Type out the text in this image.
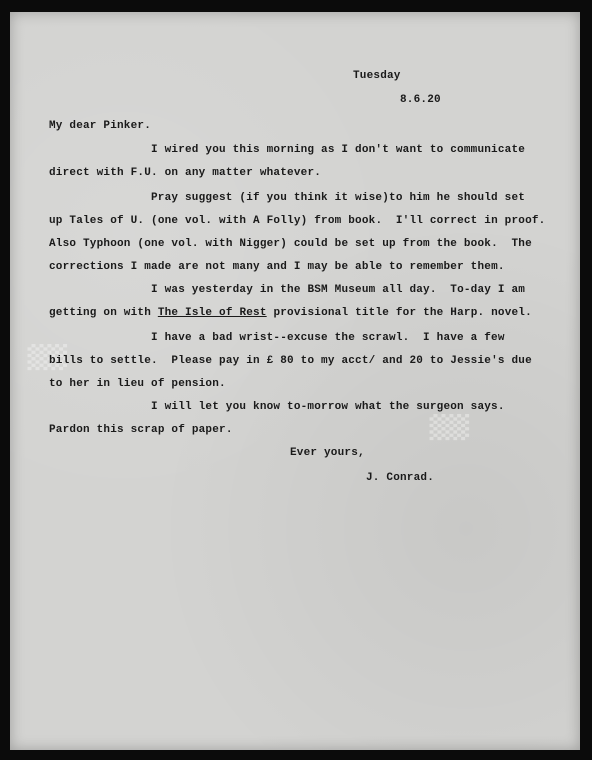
▒
▒
Tuesday
8.6.20
My dear Pinker.
I wired you this morning as I don't want to communicate
direct with F.U. on any matter whatever.
Pray suggest (if you think it wise)to him he should set
up Tales of U. (one vol. with A Folly) from book.  I'll correct in proof.
Also Typhoon (one vol. with Nigger) could be set up from the book.  The
corrections I made are not many and I may be able to remember them.
I was yesterday in the BSM Museum all day.  To-day I am
getting on with The Isle of Rest provisional title for the Harp. novel.
I have a bad wrist--excuse the scrawl.  I have a few
bills to settle.  Please pay in £ 80 to my acct/ and 20 to Jessie's due
to her in lieu of pension.
I will let you know to-morrow what the surgeon says.
Pardon this scrap of paper.
Ever yours,
J. Conrad.
